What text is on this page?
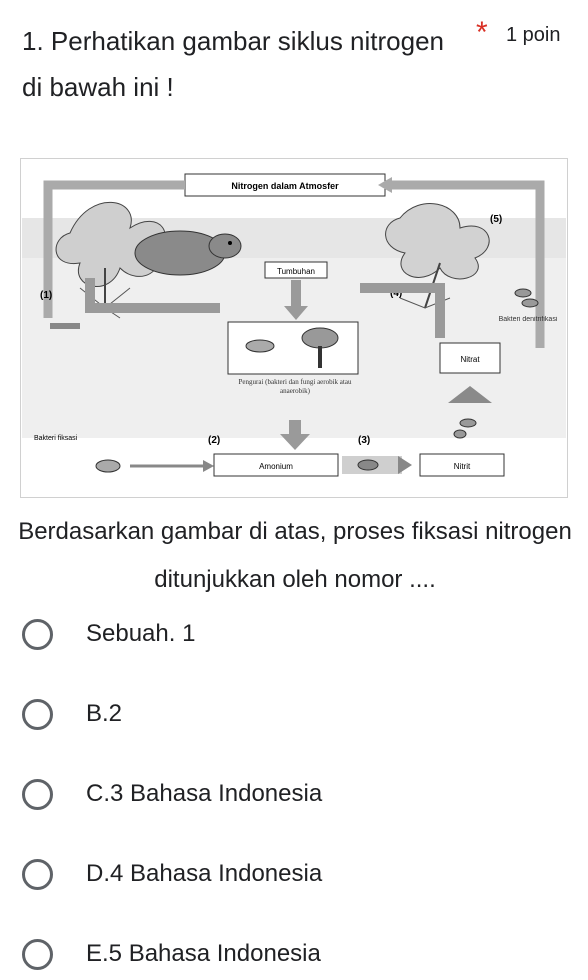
1. Perhatikan gambar siklus nitrogen di bawah ini !
* 1 poin
Nitrogen dalam Atmosfer
Tumbuhan
(1)	(4)
(5)
(2)	(3)
Pengurai (bakteri dan fungi aerobik atau anaerobik)
Bakteri denitrifikasi
Nitrat
Bakteri fiksasi
Amonium	Nitrit
Berdasarkan gambar di atas, proses fiksasi nitrogen ditunjukkan oleh nomor ....
Sebuah. 1
B.2
C.3 Bahasa Indonesia
D.4 Bahasa Indonesia
E.5 Bahasa Indonesia
